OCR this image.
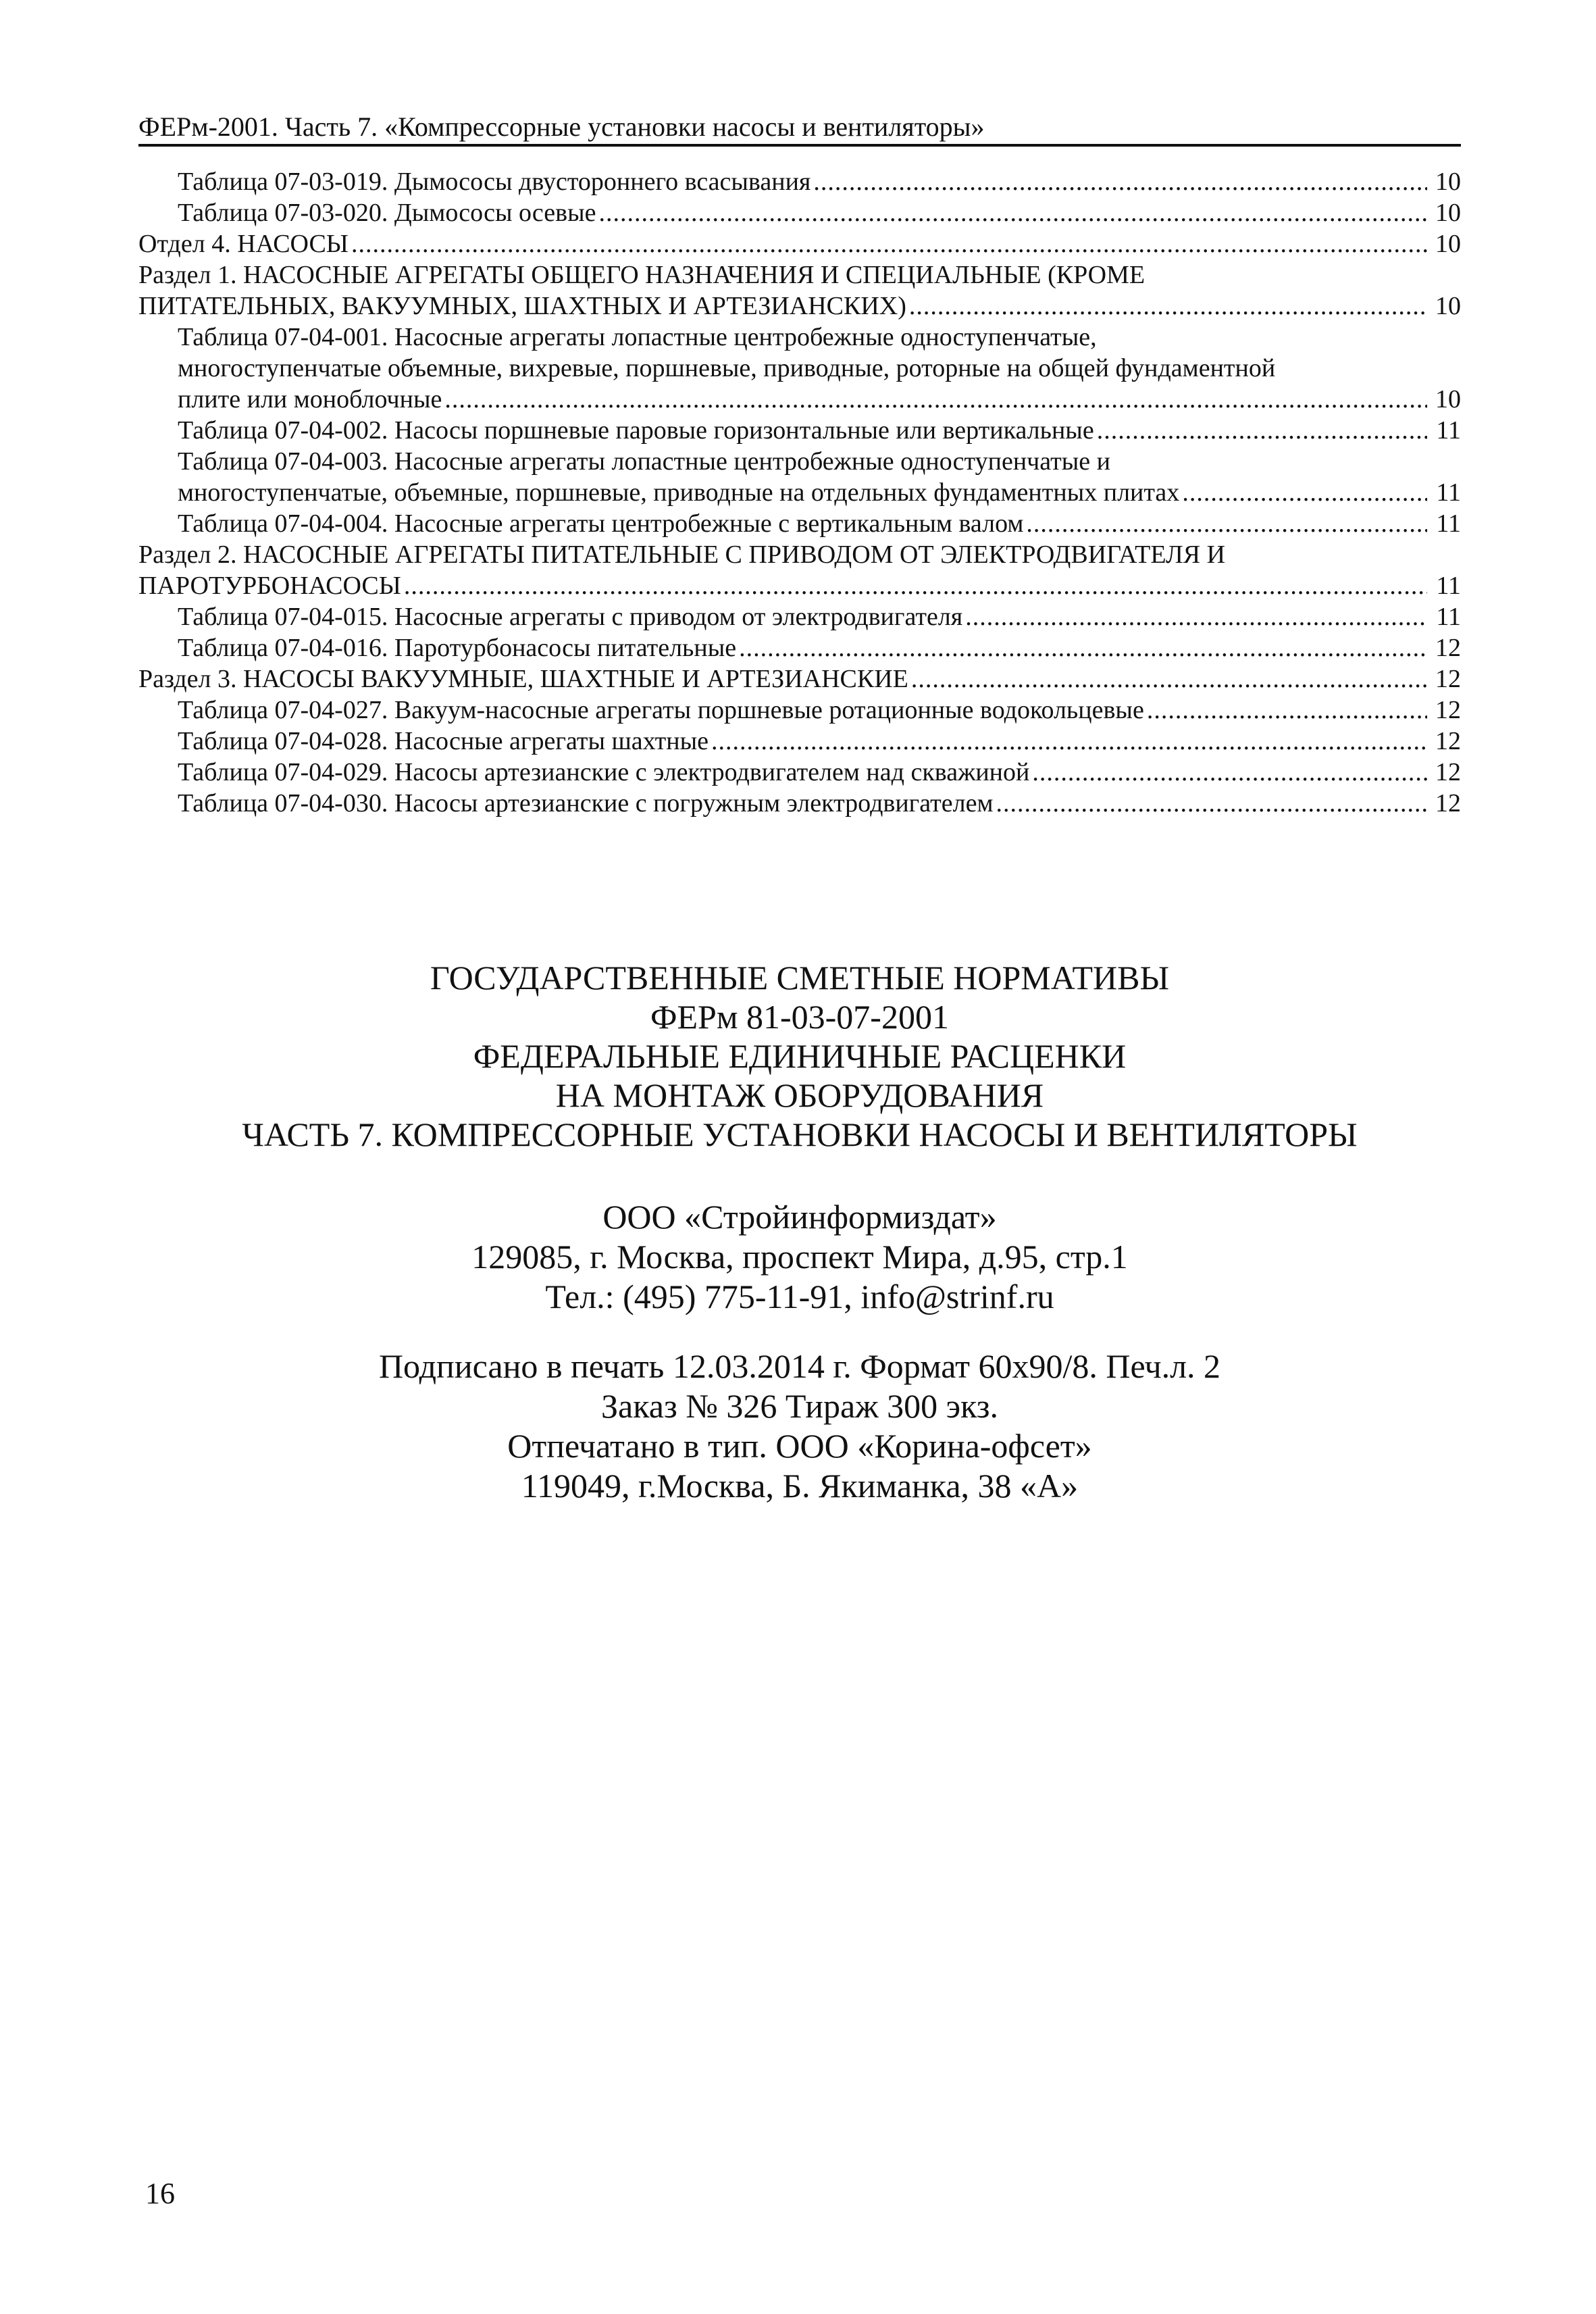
ФЕРм-2001. Часть 7. «Компрессорные установки насосы и вентиляторы»
Таблица 07-03-019. Дымососы двустороннего всасывания .....	10
Таблица 07-03-020. Дымососы осевые .....	10
Отдел 4. НАСОСЫ .....	10
Раздел 1. НАСОСНЫЕ АГРЕГАТЫ ОБЩЕГО НАЗНАЧЕНИЯ И СПЕЦИАЛЬНЫЕ (КРОМЕ
ПИТАТЕЛЬНЫХ, ВАКУУМНЫХ, ШАХТНЫХ И АРТЕЗИАНСКИХ) .....	10
Таблица 07-04-001. Насосные агрегаты лопастные центробежные одноступенчатые,
многоступенчатые объемные, вихревые, поршневые, приводные, роторные на общей фундаментной
плите или моноблочные .....	10
Таблица 07-04-002. Насосы поршневые паровые горизонтальные или вертикальные .....	11
Таблица 07-04-003. Насосные агрегаты лопастные центробежные одноступенчатые и
многоступенчатые, объемные, поршневые, приводные на отдельных фундаментных плитах .....	11
Таблица 07-04-004. Насосные агрегаты центробежные с вертикальным валом .....	11
Раздел 2. НАСОСНЫЕ АГРЕГАТЫ ПИТАТЕЛЬНЫЕ С ПРИВОДОМ ОТ ЭЛЕКТРОДВИГАТЕЛЯ И
ПАРОТУРБОНАСОСЫ .....	11
Таблица 07-04-015. Насосные агрегаты с приводом от электродвигателя .....	11
Таблица 07-04-016. Паротурбонасосы питательные .....	12
Раздел 3. НАСОСЫ ВАКУУМНЫЕ, ШАХТНЫЕ И АРТЕЗИАНСКИЕ .....	12
Таблица 07-04-027. Вакуум-насосные агрегаты поршневые ротационные водокольцевые .....	12
Таблица 07-04-028. Насосные агрегаты шахтные .....	12
Таблица 07-04-029. Насосы артезианские с электродвигателем над скважиной .....	12
Таблица 07-04-030. Насосы артезианские с погружным электродвигателем .....	12
ГОСУДАРСТВЕННЫЕ СМЕТНЫЕ НОРМАТИВЫ
ФЕРм 81-03-07-2001
ФЕДЕРАЛЬНЫЕ ЕДИНИЧНЫЕ РАСЦЕНКИ
НА МОНТАЖ ОБОРУДОВАНИЯ
ЧАСТЬ 7. КОМПРЕССОРНЫЕ УСТАНОВКИ НАСОСЫ И ВЕНТИЛЯТОРЫ
ООО «Стройинформиздат»
129085, г. Москва, проспект Мира, д.95, стр.1
Тел.: (495) 775-11-91, info@strinf.ru
Подписано в печать 12.03.2014 г. Формат 60х90/8. Печ.л. 2
Заказ № 326 Тираж 300 экз.
Отпечатано в тип. ООО «Корина-офсет»
119049, г.Москва, Б. Якиманка, 38 «А»
16
